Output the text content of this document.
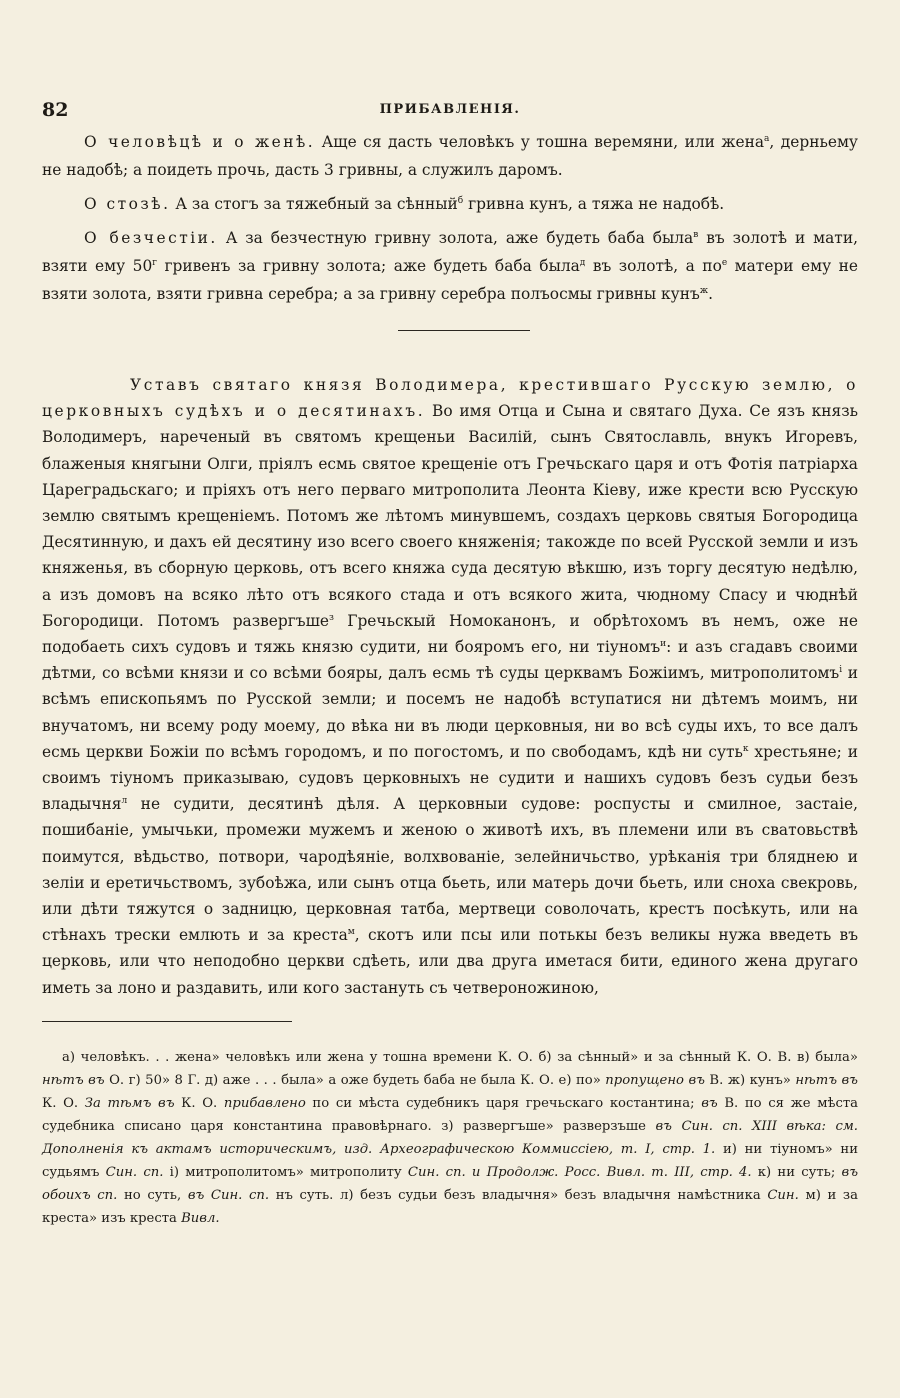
82	ПРИБАВЛЕНІЯ.

О человѣцѣ и о женѣ. Аще ся дасть человѣкъ у тошна веремяни, или жена$^а$, дерньему не надобѣ; а поидеть прочь, дасть 3 гривны, а служилъ даромъ.

О стозѣ. А за стогъ за тяжебный за сѣнный$^б$ гривна кунъ, а тяжа не надобѣ.

О безчестіи. А за безчестную гривну золота, аже будеть баба была$^в$ въ золотѣ и мати, взяти ему $50^г$ гривенъ за гривну золота; аже будеть баба была$^д$ въ золотѣ, а $по^е$ матери ему не взяти золота, взяти гривна серебра; а за гривну серебра полъосмы гривны кунъ$^ж$.

Уставъ святаго князя Володимера, крестившаго Русскую землю, о церковныхъ судѣхъ и о десятинахъ. Во имя Отца и Сына и святаго Духа. Се язъ князь Володимеръ, нареченый въ святомъ крещеньи Василій, сынъ Святославль, внукъ Игоревъ, блаженыя княгыни Олги, пріялъ есмь святое крещеніе отъ Гречьскаго царя и отъ Фотія патріарха Цареградьскаго; и пріяхъ отъ него перваго митрополита Леонта Кіеву, иже крести всю Русскую землю святымъ крещеніемъ. Потомъ же лѣтомъ минувшемъ, создахъ церковь святыя Богородица Десятинную, и дахъ ей десятину изо всего своего княженія; такожде по всей Русской земли и изъ княженья, въ сборную церковь, отъ всего княжа суда десятую вѣкшю, изъ торгу десятую недѣлю, а изъ домовъ на всяко лѣто отъ всякого стада и отъ всякого жита, чюдному Спасу и чюднѣй Богородици. Потомъ развергъше$^з$ Гречьскый Номоканонъ, и обрѣтохомъ въ немъ, оже не подобаеть сихъ судовъ и тяжь князю судити, ни бояромъ его, ни тіуномъ$^и$: и азъ сгадавъ своими дѣтми, со всѣми князи и со всѣми бояры, далъ есмь тѣ суды церквамъ Божіимъ, митрополитомъ$^і$ и всѣмъ епископьямъ по Русской земли; и посемъ не надобѣ вступатися ни дѣтемъ моимъ, ни внучатомъ, ни всему роду моему, до вѣка ни въ люди церковныя, ни во всѣ суды ихъ, то все далъ есмь церкви Божіи по всѣмъ городомъ, и по погостомъ, и по свободамъ, кдѣ ни суть$^к$ хрестьяне; и своимъ тіуномъ приказываю, судовъ церковныхъ не судити и нашихъ судовъ безъ судьи безъ владычня$^л$ не судити, десятинѣ дѣля. А церковныи судове: роспусты и смилное, застаіе, пошибаніе, умычьки, промежи мужемъ и женою о животѣ ихъ, въ племени или въ сватовьствѣ поимутся, вѣдьство, потвори, чародѣяніе, волхвованіе, зелейничьство, урѣканія три бляднею и зеліи и еретичьствомъ, зубоѣжа, или сынъ отца бьеть, или матерь дочи бьеть, или сноха свекровь, или дѣти тяжутся о задницю, церковная татба, мертвеци соволочать, крестъ посѣкуть, или на стѣнахъ трески емлють и за креста$^м$, скотъ или псы или потькы безъ великы нужа введеть въ церковь, или что неподобно церкви сдѣеть, или два друга иметася бити, единого жена другаго иметь за лоно и раздавить, или кого застануть съ четвероножиною,

а) человѣкъ. . . жена» человѣкъ или жена у тошна времени К. О. б) за сѣнный» и за сѣнный К. О. В. в) была» нѣтъ въ О. г) 50» 8 Г. д) аже . . . была» а оже будеть баба не была К. О. е) по» пропущено въ В. ж) кунъ» нѣтъ въ К. О. За тѣмъ въ К. О. прибавлено по си мѣста судебникъ царя гречьскаго костантина; въ В. по ся же мѣста судебника списано царя константина правовѣрнаго. з) развергъше» разверзъше въ Син. сп. XIII вѣка: см. Дополненія къ актамъ историческимъ, изд. Археографическою Коммиссіею, т. I, стр. 1. и) ни тіуномъ» ни судьямъ Син. сп. і) митрополитомъ» митрополиту Син. сп. и Продолж. Росс. Вивл. т. III, стр. 4. к) ни суть; въ обоихъ сп. но суть, въ Син. сп. нъ суть. л) безъ судьи безъ владычня» безъ владычня намѣстника Син. м) и за креста» изъ креста Вивл.
